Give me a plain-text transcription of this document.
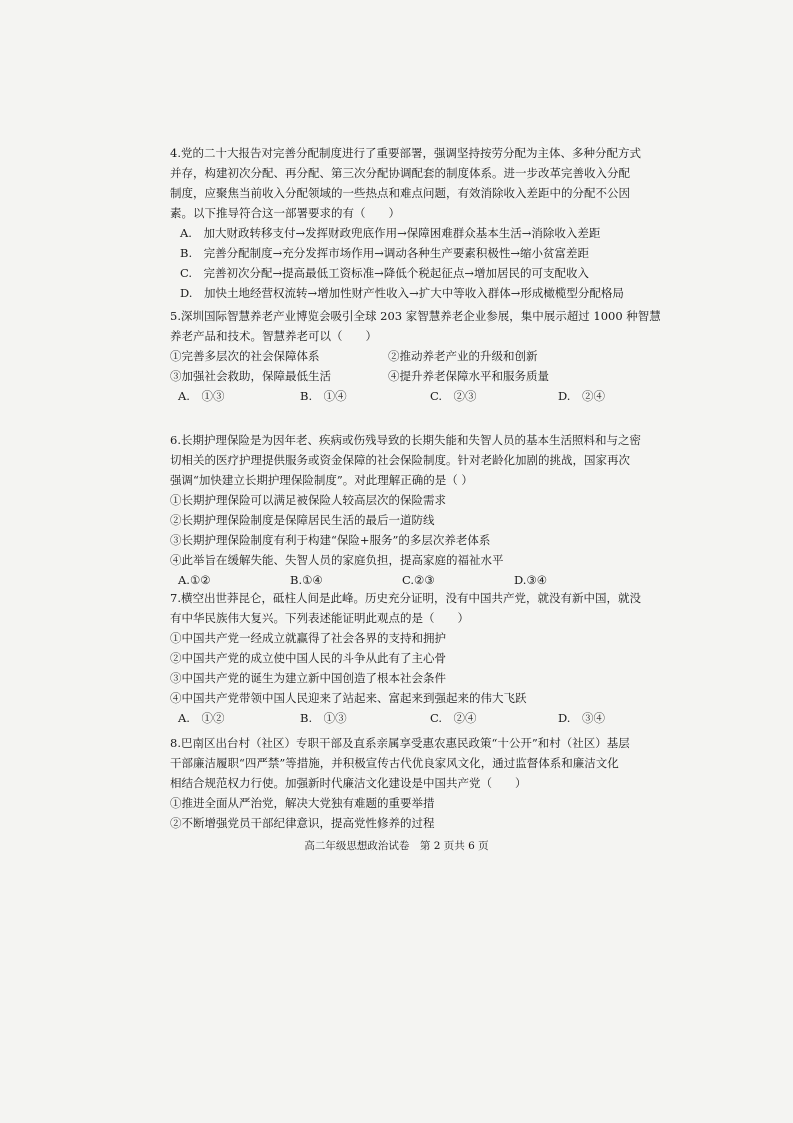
4.党的二十大报告对完善分配制度进行了重要部署，强调坚持按劳分配为主体、多种分配方式
并存，构建初次分配、再分配、第三次分配协调配套的制度体系。进一步改革完善收入分配
制度，应聚焦当前收入分配领域的一些热点和难点问题，有效消除收入差距中的分配不公因
素。以下推导符合这一部署要求的有（　　）
A.　加大财政转移支付→发挥财政兜底作用→保障困难群众基本生活→消除收入差距
B.　完善分配制度→充分发挥市场作用→调动各种生产要素积极性→缩小贫富差距
C.　完善初次分配→提高最低工资标准→降低个税起征点→增加居民的可支配收入
D.　加快土地经营权流转→增加性财产性收入→扩大中等收入群体→形成橄榄型分配格局
5.深圳国际智慧养老产业博览会吸引全球 203 家智慧养老企业参展，集中展示超过 1000 种智慧
养老产品和技术。智慧养老可以（　　）
①完善多层次的社会保障体系	②推动养老产业的升级和创新
③加强社会救助，保障最低生活	④提升养老保障水平和服务质量
A.　①③	B.　①④	C.　②③	D.　②④
6.长期护理保险是为因年老、疾病或伤残导致的长期失能和失智人员的基本生活照料和与之密
切相关的医疗护理提供服务或资金保障的社会保险制度。针对老龄化加剧的挑战，国家再次
强调“加快建立长期护理保险制度”。对此理解正确的是（ ）
①长期护理保险可以满足被保险人较高层次的保险需求
②长期护理保险制度是保障居民生活的最后一道防线
③长期护理保险制度有利于构建“保险+服务”的多层次养老体系
④此举旨在缓解失能、失智人员的家庭负担，提高家庭的福祉水平
A.①②	B.①④	C.②③	D.③④
7.横空出世莽昆仑，砥柱人间是此峰。历史充分证明，没有中国共产党，就没有新中国，就没
有中华民族伟大复兴。下列表述能证明此观点的是（　　）
①中国共产党一经成立就赢得了社会各界的支持和拥护
②中国共产党的成立使中国人民的斗争从此有了主心骨
③中国共产党的诞生为建立新中国创造了根本社会条件
④中国共产党带领中国人民迎来了站起来、富起来到强起来的伟大飞跃
A.　①②	B.　①③	C.　②④	D.　③④
8.巴南区出台村（社区）专职干部及直系亲属享受惠农惠民政策“十公开”和村（社区）基层
干部廉洁履职“四严禁”等措施，并积极宣传古代优良家风文化，通过监督体系和廉洁文化
相结合规范权力行使。加强新时代廉洁文化建设是中国共产党（　　）
①推进全面从严治党，解决大党独有难题的重要举措
②不断增强党员干部纪律意识，提高党性修养的过程
高二年级思想政治试卷　第 2 页共 6 页
